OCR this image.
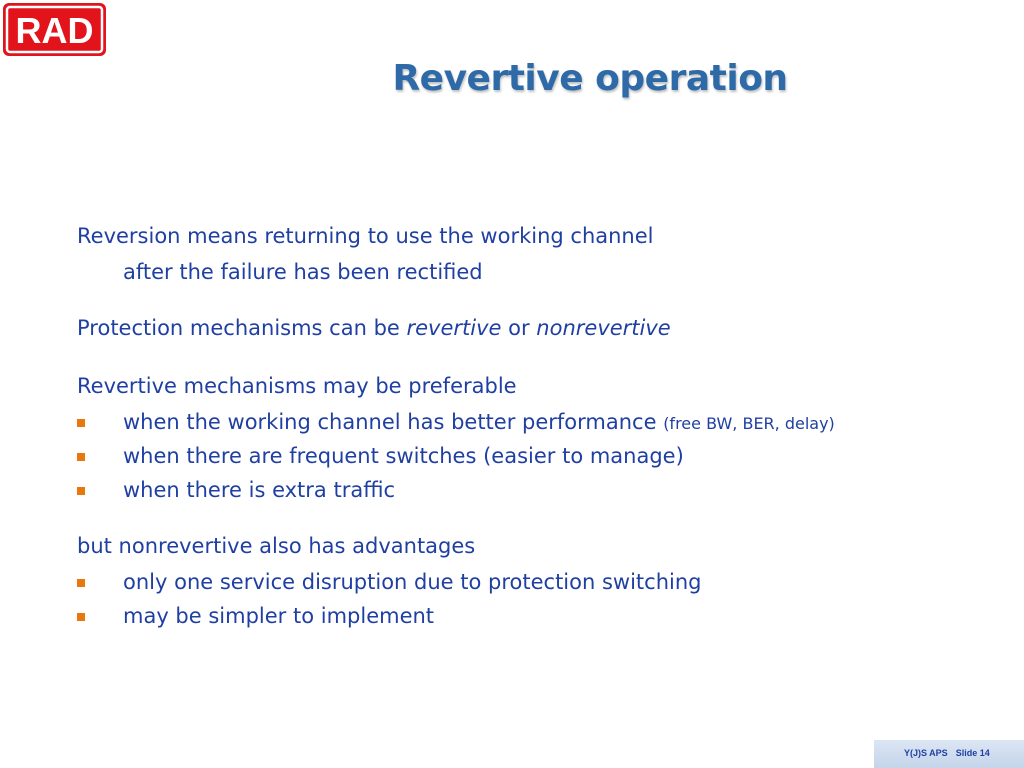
RAD
Revertive operation
Reversion means returning to use the working channel
after the failure has been rectified
Protection mechanisms can be revertive or nonrevertive
Revertive mechanisms may be preferable
when the working channel has better performance (free BW, BER, delay)
when there are frequent switches (easier to manage)
when there is extra traffic
but nonrevertive also has advantages
only one service disruption due to protection switching
may be simpler to implement
Y(J)S APS Slide 14
